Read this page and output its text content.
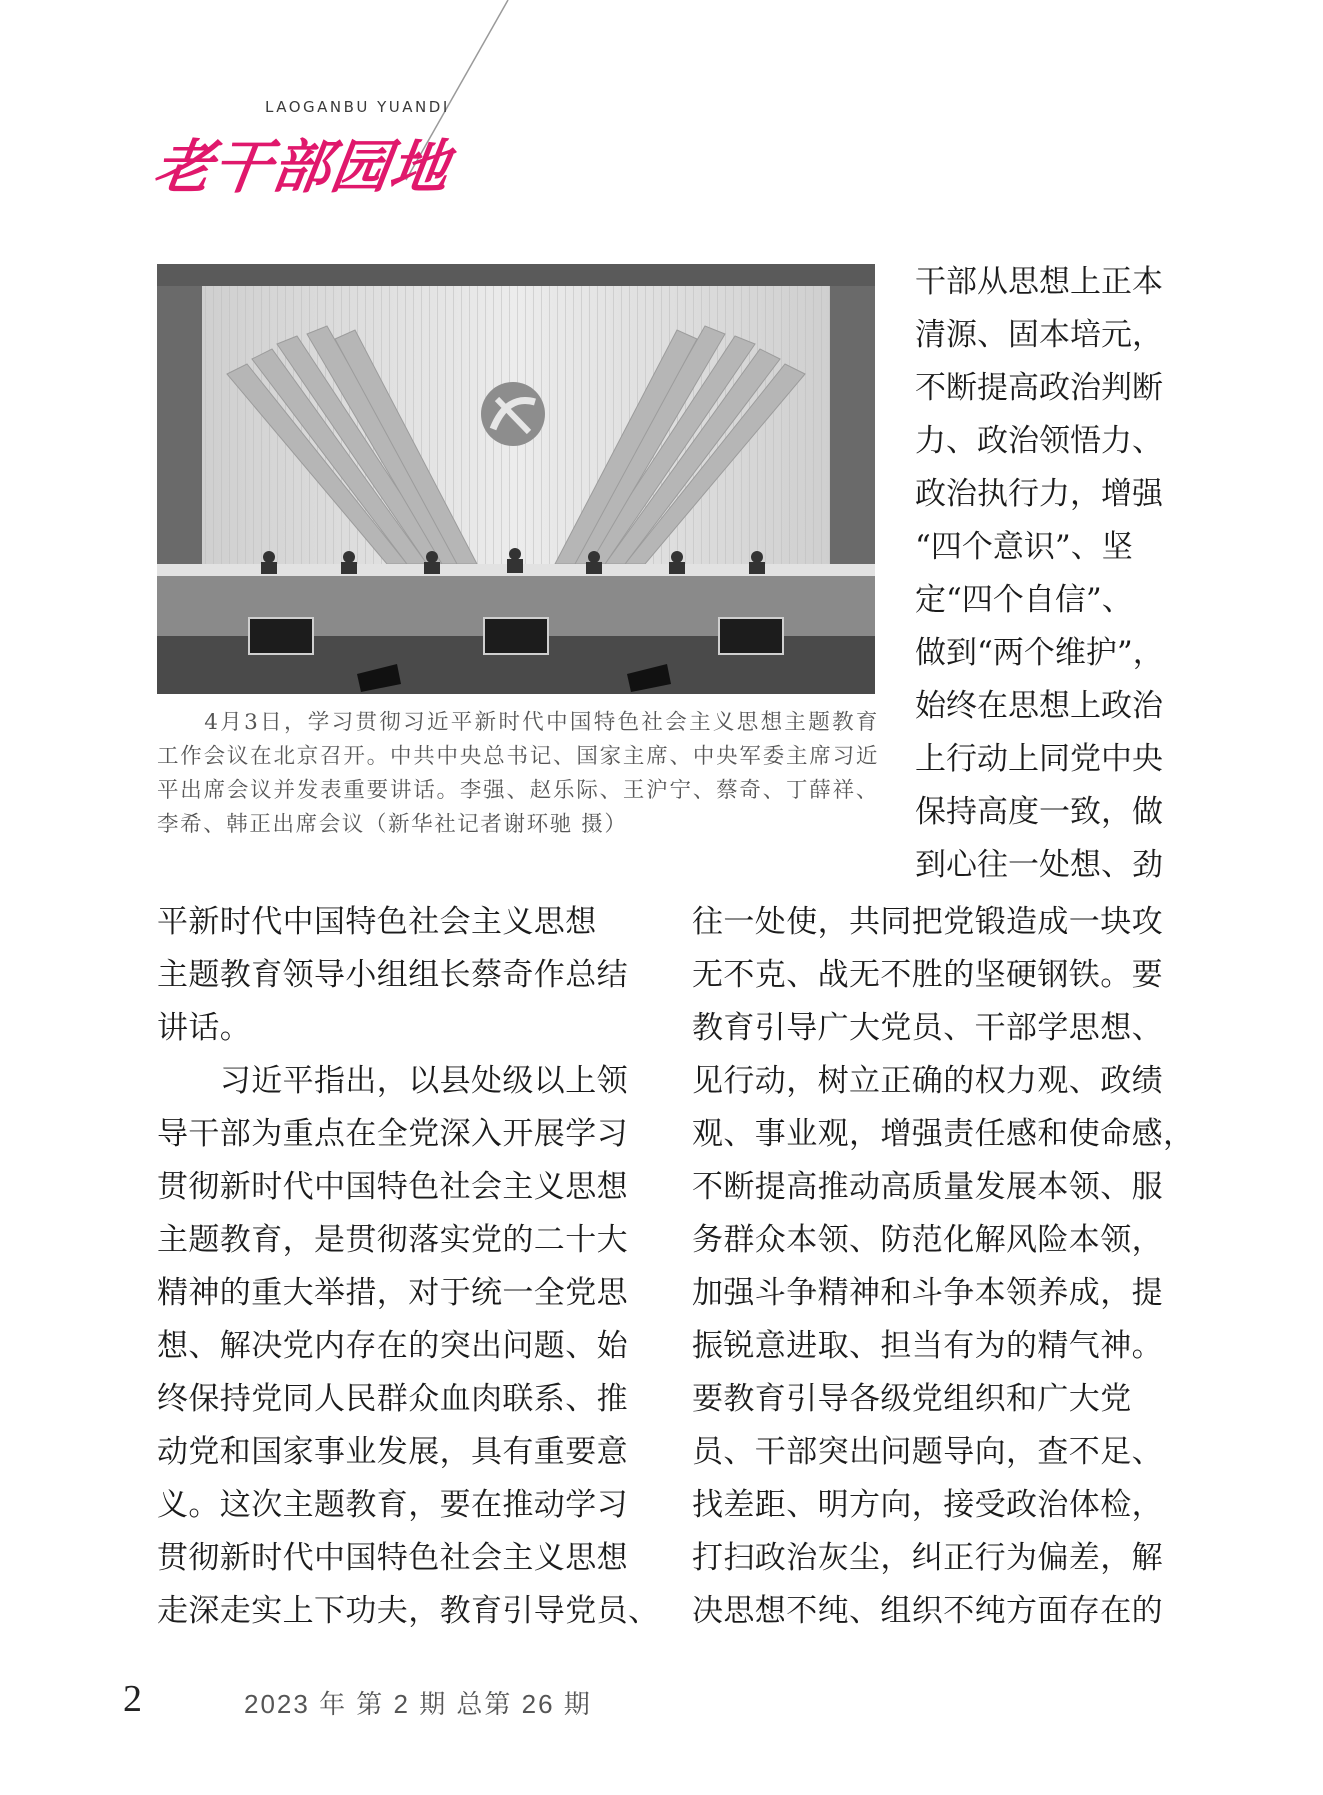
LAOGANBU YUANDI
老干部园地
4月3日，学习贯彻习近平新时代中国特色社会主义思想主题教育工作会议在北京召开。中共中央总书记、国家主席、中央军委主席习近平出席会议并发表重要讲话。李强、赵乐际、王沪宁、蔡奇、丁薛祥、李希、韩正出席会议（新华社记者谢环驰 摄）
干部从思想上正本
清源、固本培元，
不断提高政治判断
力、政治领悟力、
政治执行力，增强
“四个意识”、坚
定“四个自信”、
做到“两个维护”，
始终在思想上政治
上行动上同党中央
保持高度一致，做
到心往一处想、劲
平新时代中国特色社会主义思想
主题教育领导小组组长蔡奇作总结
讲话。
　　习近平指出，以县处级以上领
导干部为重点在全党深入开展学习
贯彻新时代中国特色社会主义思想
主题教育，是贯彻落实党的二十大
精神的重大举措，对于统一全党思
想、解决党内存在的突出问题、始
终保持党同人民群众血肉联系、推
动党和国家事业发展，具有重要意
义。这次主题教育，要在推动学习
贯彻新时代中国特色社会主义思想
走深走实上下功夫，教育引导党员、
往一处使，共同把党锻造成一块攻
无不克、战无不胜的坚硬钢铁。要
教育引导广大党员、干部学思想、
见行动，树立正确的权力观、政绩
观、事业观，增强责任感和使命感，
不断提高推动高质量发展本领、服
务群众本领、防范化解风险本领，
加强斗争精神和斗争本领养成，提
振锐意进取、担当有为的精气神。
要教育引导各级党组织和广大党
员、干部突出问题导向，查不足、
找差距、明方向，接受政治体检，
打扫政治灰尘，纠正行为偏差，解
决思想不纯、组织不纯方面存在的
2	2023 年 第 2 期 总第 26 期
